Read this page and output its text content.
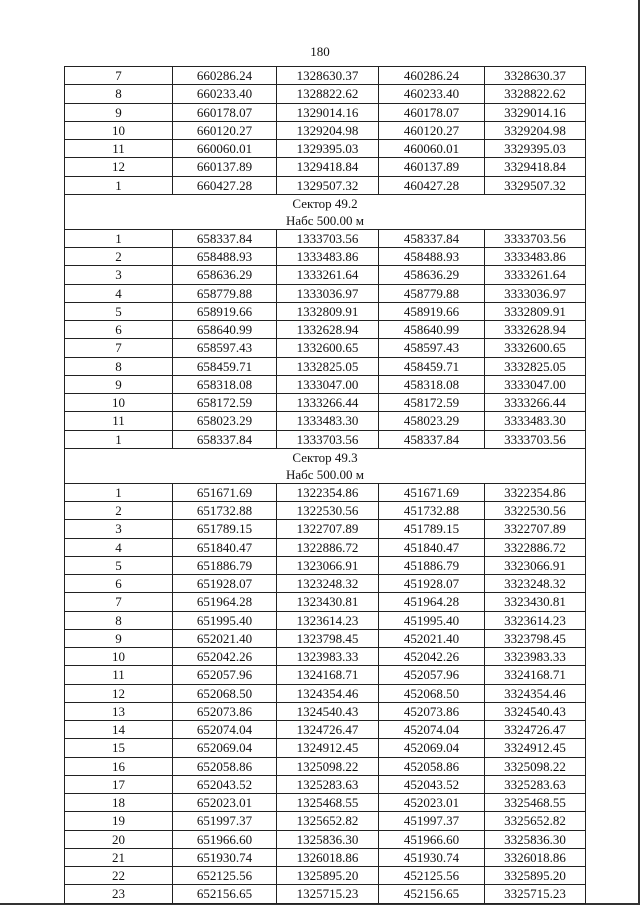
180
7	660286.24	1328630.37	460286.24	3328630.37
8	660233.40	1328822.62	460233.40	3328822.62
9	660178.07	1329014.16	460178.07	3329014.16
10	660120.27	1329204.98	460120.27	3329204.98
11	660060.01	1329395.03	460060.01	3329395.03
12	660137.89	1329418.84	460137.89	3329418.84
1	660427.28	1329507.32	460427.28	3329507.32

Сектор 49.2
Набс 500.00 м				

1	658337.84	1333703.56	458337.84	3333703.56
2	658488.93	1333483.86	458488.93	3333483.86
3	658636.29	1333261.64	458636.29	3333261.64
4	658779.88	1333036.97	458779.88	3333036.97
5	658919.66	1332809.91	458919.66	3332809.91
6	658640.99	1332628.94	458640.99	3332628.94
7	658597.43	1332600.65	458597.43	3332600.65
8	658459.71	1332825.05	458459.71	3332825.05
9	658318.08	1333047.00	458318.08	3333047.00
10	658172.59	1333266.44	458172.59	3333266.44
11	658023.29	1333483.30	458023.29	3333483.30
1	658337.84	1333703.56	458337.84	3333703.56

Сектор 49.3
Набс 500.00 м				

1	651671.69	1322354.86	451671.69	3322354.86
2	651732.88	1322530.56	451732.88	3322530.56
3	651789.15	1322707.89	451789.15	3322707.89
4	651840.47	1322886.72	451840.47	3322886.72
5	651886.79	1323066.91	451886.79	3323066.91
6	651928.07	1323248.32	451928.07	3323248.32
7	651964.28	1323430.81	451964.28	3323430.81
8	651995.40	1323614.23	451995.40	3323614.23
9	652021.40	1323798.45	452021.40	3323798.45
10	652042.26	1323983.33	452042.26	3323983.33
11	652057.96	1324168.71	452057.96	3324168.71
12	652068.50	1324354.46	452068.50	3324354.46
13	652073.86	1324540.43	452073.86	3324540.43
14	652074.04	1324726.47	452074.04	3324726.47
15	652069.04	1324912.45	452069.04	3324912.45
16	652058.86	1325098.22	452058.86	3325098.22
17	652043.52	1325283.63	452043.52	3325283.63
18	652023.01	1325468.55	452023.01	3325468.55
19	651997.37	1325652.82	451997.37	3325652.82
20	651966.60	1325836.30	451966.60	3325836.30
21	651930.74	1326018.86	451930.74	3326018.86
22	652125.56	1325895.20	452125.56	3325895.20
23	652156.65	1325715.23	452156.65	3325715.23
